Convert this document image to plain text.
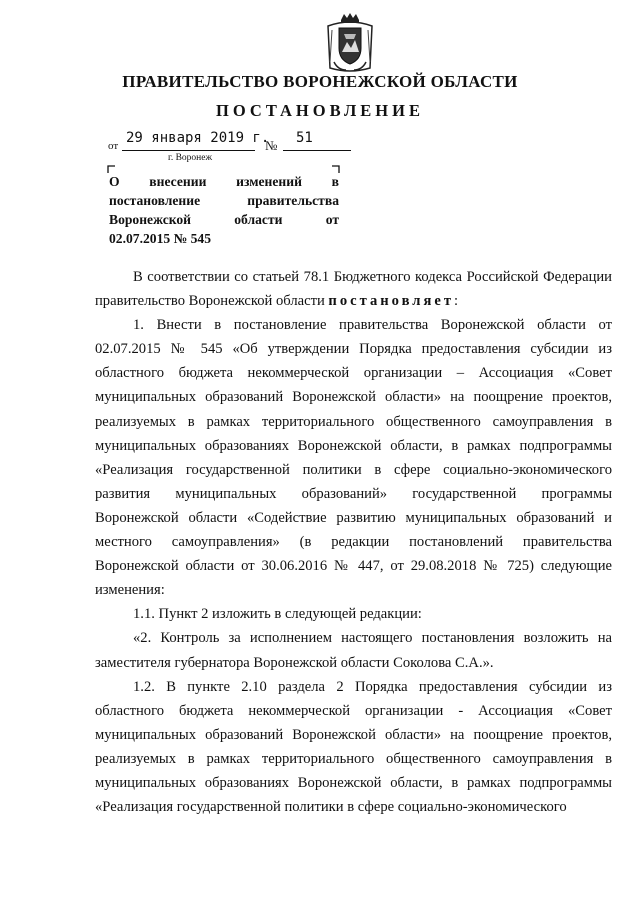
ПРАВИТЕЛЬСТВО ВОРОНЕЖСКОЙ ОБЛАСТИ
ПОСТАНОВЛЕНИЕ
от 29 января 2019 г.
№ 51
г. Воронеж
О внесении изменений в
постановление правительства
Воронежской области от
02.07.2015 № 545

В соответствии со статьей 78.1 Бюджетного кодекса Российской Федерации правительство Воронежской области постановляет:

1. Внести в постановление правительства Воронежской области от 02.07.2015 № 545 «Об утверждении Порядка предоставления субсидии из областного бюджета некоммерческой организации – Ассоциация «Совет муниципальных образований Воронежской области» на поощрение проектов, реализуемых в рамках территориального общественного самоуправления в муниципальных образованиях Воронежской области, в рамках подпрограммы «Реализация государственной политики в сфере социально-экономического развития муниципальных образований» государственной программы Воронежской области «Содействие развитию муниципальных образований и местного самоуправления» (в редакции постановлений правительства Воронежской области от 30.06.2016 № 447, от 29.08.2018 № 725) следующие изменения:

1.1. Пункт 2 изложить в следующей редакции:

«2. Контроль за исполнением настоящего постановления возложить на заместителя губернатора Воронежской области Соколова С.А.».

1.2. В пункте 2.10 раздела 2 Порядка предоставления субсидии из областного бюджета некоммерческой организации - Ассоциация «Совет муниципальных образований Воронежской области» на поощрение проектов, реализуемых в рамках территориального общественного самоуправления в муниципальных образованиях Воронежской области, в рамках подпрограммы «Реализация государственной политики в сфере социально-экономического
